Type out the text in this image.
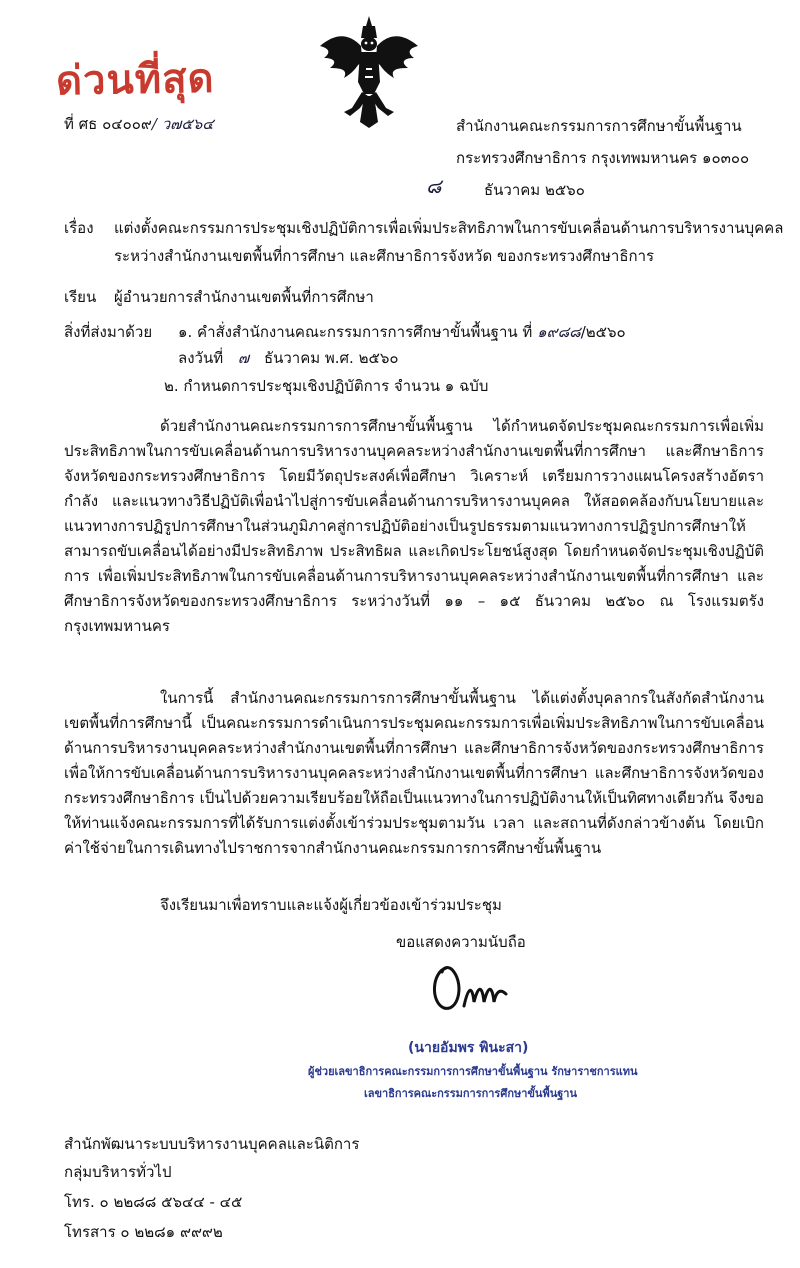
ด่วนที่สุด
ที่ ศธ ๐๔๐๐๙/ ว๗๕๖๔	สำนักงานคณะกรรมการการศึกษาขั้นพื้นฐาน
กระทรวงศึกษาธิการ กรุงเทพมหานคร ๑๐๓๐๐
๘	ธันวาคม ๒๕๖๐
เรื่อง แต่งตั้งคณะกรรมการประชุมเชิงปฏิบัติการเพื่อเพิ่มประสิทธิภาพในการขับเคลื่อนด้านการบริหารงานบุคคล
ระหว่างสำนักงานเขตพื้นที่การศึกษา และศึกษาธิการจังหวัด ของกระทรวงศึกษาธิการ
เรียน ผู้อำนวยการสำนักงานเขตพื้นที่การศึกษา
สิ่งที่ส่งมาด้วย ๑. คำสั่งสำนักงานคณะกรรมการการศึกษาขั้นพื้นฐาน ที่ ๑๙๘๘/๒๕๖๐
ลงวันที่ ๗ ธันวาคม พ.ศ. ๒๕๖๐
๒. กำหนดการประชุมเชิงปฏิบัติการ จำนวน ๑ ฉบับ

ด้วยสำนักงานคณะกรรมการการศึกษาขั้นพื้นฐาน ได้กำหนดจัดประชุมคณะกรรมการเพื่อเพิ่มประสิทธิภาพในการขับเคลื่อนด้านการบริหารงานบุคคลระหว่างสำนักงานเขตพื้นที่การศึกษา และศึกษาธิการจังหวัดของกระทรวงศึกษาธิการ โดยมีวัตถุประสงค์เพื่อศึกษา วิเคราะห์ เตรียมการวางแผนโครงสร้างอัตรากำลัง และแนวทางวิธีปฏิบัติเพื่อนำไปสู่การขับเคลื่อนด้านการบริหารงานบุคคล ให้สอดคล้องกับนโยบายและแนวทางการปฏิรูปการศึกษาในส่วนภูมิภาคสู่การปฏิบัติอย่างเป็นรูปธรรมตามแนวทางการปฏิรูปการศึกษาให้สามารถขับเคลื่อนได้อย่างมีประสิทธิภาพ ประสิทธิผล และเกิดประโยชน์สูงสุด โดยกำหนดจัดประชุมเชิงปฏิบัติการ เพื่อเพิ่มประสิทธิภาพในการขับเคลื่อนด้านการบริหารงานบุคคลระหว่างสำนักงานเขตพื้นที่การศึกษา และศึกษาธิการจังหวัดของกระทรวงศึกษาธิการ ระหว่างวันที่ ๑๑ – ๑๕ ธันวาคม ๒๕๖๐ ณ โรงแรมตรัง กรุงเทพมหานคร

ในการนี้ สำนักงานคณะกรรมการการศึกษาขั้นพื้นฐาน ได้แต่งตั้งบุคลากรในสังกัดสำนักงานเขตพื้นที่การศึกษานี้ เป็นคณะกรรมการดำเนินการประชุมคณะกรรมการเพื่อเพิ่มประสิทธิภาพในการขับเคลื่อนด้านการบริหารงานบุคคลระหว่างสำนักงานเขตพื้นที่การศึกษา และศึกษาธิการจังหวัดของกระทรวงศึกษาธิการ เพื่อให้การขับเคลื่อนด้านการบริหารงานบุคคลระหว่างสำนักงานเขตพื้นที่การศึกษา และศึกษาธิการจังหวัดของกระทรวงศึกษาธิการ เป็นไปด้วยความเรียบร้อยให้ถือเป็นแนวทางในการปฏิบัติงานให้เป็นทิศทางเดียวกัน จึงขอให้ท่านแจ้งคณะกรรมการที่ได้รับการแต่งตั้งเข้าร่วมประชุมตามวัน เวลา และสถานที่ดังกล่าวข้างต้น โดยเบิกค่าใช้จ่ายในการเดินทางไปราชการจากสำนักงานคณะกรรมการการศึกษาขั้นพื้นฐาน

จึงเรียนมาเพื่อทราบและแจ้งผู้เกี่ยวข้องเข้าร่วมประชุม
ขอแสดงความนับถือ
(นายอัมพร พินะสา)
ผู้ช่วยเลขาธิการคณะกรรมการการศึกษาขั้นพื้นฐาน รักษาราชการแทน
เลขาธิการคณะกรรมการการศึกษาขั้นพื้นฐาน
สำนักพัฒนาระบบบริหารงานบุคคลและนิติการ
กลุ่มบริหารทั่วไป
โทร. ๐ ๒๒๘๘ ๕๖๔๔ - ๔๕
โทรสาร ๐ ๒๒๘๑ ๙๙๙๒
